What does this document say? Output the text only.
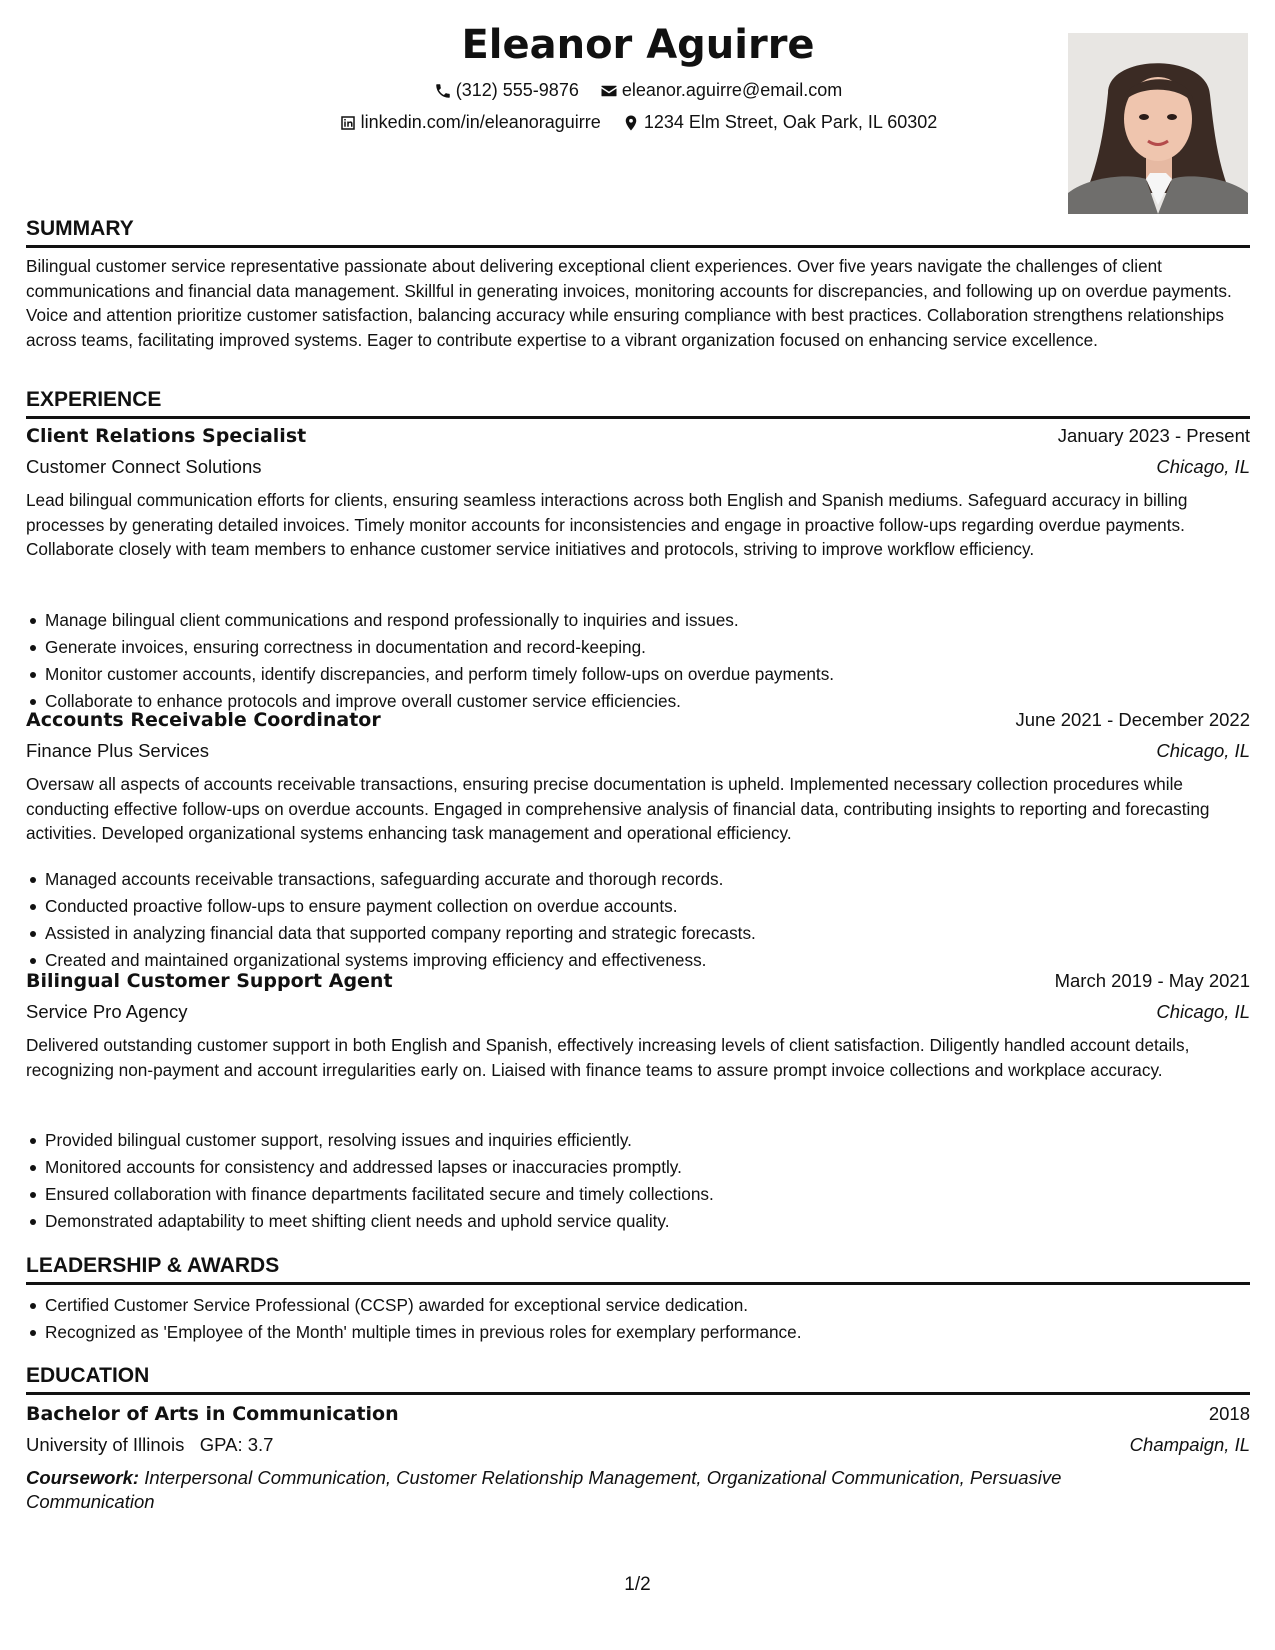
Eleanor Aguirre
(312) 555-9876
eleanor.aguirre@email.com
linkedin.com/in/eleanoraguirre
1234 Elm Street, Oak Park, IL 60302
SUMMARY
Bilingual customer service representative passionate about delivering exceptional client experiences. Over five years navigate the challenges of client communications and financial data management. Skillful in generating invoices, monitoring accounts for discrepancies, and following up on overdue payments. Voice and attention prioritize customer satisfaction, balancing accuracy while ensuring compliance with best practices. Collaboration strengthens relationships across teams, facilitating improved systems. Eager to contribute expertise to a vibrant organization focused on enhancing service excellence.
EXPERIENCE
Client Relations Specialist	January 2023 - Present
Customer Connect Solutions	Chicago, IL
Lead bilingual communication efforts for clients, ensuring seamless interactions across both English and Spanish mediums. Safeguard accuracy in billing processes by generating detailed invoices. Timely monitor accounts for inconsistencies and engage in proactive follow-ups regarding overdue payments. Collaborate closely with team members to enhance customer service initiatives and protocols, striving to improve workflow efficiency.
Manage bilingual client communications and respond professionally to inquiries and issues.
Generate invoices, ensuring correctness in documentation and record-keeping.
Monitor customer accounts, identify discrepancies, and perform timely follow-ups on overdue payments.
Collaborate to enhance protocols and improve overall customer service efficiencies.
Accounts Receivable Coordinator	June 2021 - December 2022
Finance Plus Services	Chicago, IL
Oversaw all aspects of accounts receivable transactions, ensuring precise documentation is upheld. Implemented necessary collection procedures while conducting effective follow-ups on overdue accounts. Engaged in comprehensive analysis of financial data, contributing insights to reporting and forecasting activities. Developed organizational systems enhancing task management and operational efficiency.
Managed accounts receivable transactions, safeguarding accurate and thorough records.
Conducted proactive follow-ups to ensure payment collection on overdue accounts.
Assisted in analyzing financial data that supported company reporting and strategic forecasts.
Created and maintained organizational systems improving efficiency and effectiveness.
Bilingual Customer Support Agent	March 2019 - May 2021
Service Pro Agency	Chicago, IL
Delivered outstanding customer support in both English and Spanish, effectively increasing levels of client satisfaction. Diligently handled account details, recognizing non-payment and account irregularities early on. Liaised with finance teams to assure prompt invoice collections and workplace accuracy.
Provided bilingual customer support, resolving issues and inquiries efficiently.
Monitored accounts for consistency and addressed lapses or inaccuracies promptly.
Ensured collaboration with finance departments facilitated secure and timely collections.
Demonstrated adaptability to meet shifting client needs and uphold service quality.
LEADERSHIP & AWARDS
Certified Customer Service Professional (CCSP) awarded for exceptional service dedication.
Recognized as 'Employee of the Month' multiple times in previous roles for exemplary performance.
EDUCATION
Bachelor of Arts in Communication	2018
University of Illinois GPA: 3.7	Champaign, IL
Coursework: Interpersonal Communication, Customer Relationship Management, Organizational Communication, Persuasive Communication
1/2
